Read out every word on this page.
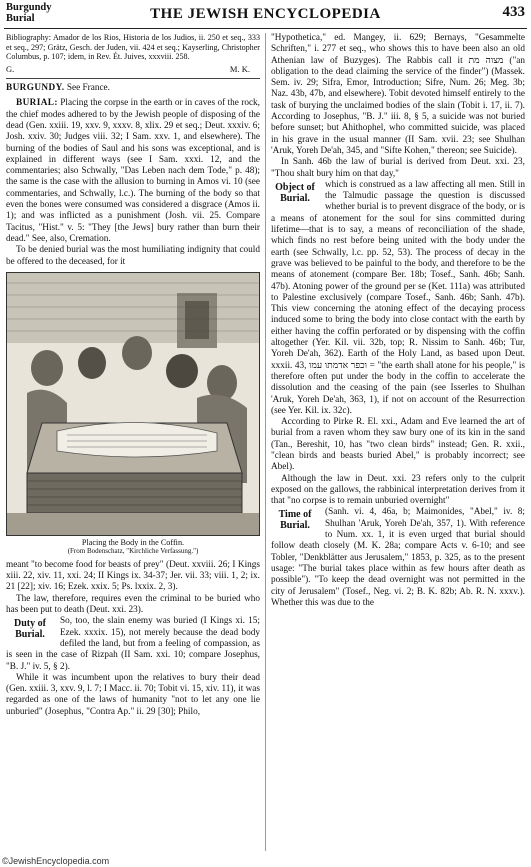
Burgundy
Burial	THE JEWISH ENCYCLOPEDIA	433

Bibliography: Amador de los Rios, Historia de los Judios, ii. 250 et seq., 333 et seq., 297; Grätz, Gesch. der Juden, vii. 424 et seq.; Kayserling, Christopher Columbus, p. 107; idem, in Rev. Ét. Juives, xxxviii. 258.

G.	M. K.

BURGUNDY. See France.

BURIAL: Placing the corpse in the earth or in caves of the rock, the chief modes adhered to by the Jewish people of disposing of the dead (Gen. xxiii. 19, xxv. 9, xxxv. 8, xlix. 29 et seq.; Deut. xxxiv. 6; Josh. xxiv. 30; Judges viii. 32; I Sam. xxv. 1, and elsewhere). The burning of the bodies of Saul and his sons was exceptional, and is explained in different ways (see I Sam. xxxi. 12, and the commentaries; also Schwally, "Das Leben nach dem Tode," p. 48); the same is the case with the allusion to burning in Amos vi. 10 (see commentaries, and Schwally, l.c.). The burning of the body so that even the bones were consumed was considered a disgrace (Amos ii. 1); and was inflicted as a punishment (Josh. vii. 25. Compare Tacitus, "Hist." v. 5: "They [the Jews] bury rather than burn their dead." See, also, Cremation.

To be denied burial was the most humiliating indignity that could be offered to the deceased, for it

Placing the Body in the Coffin.
(From Bodenschatz, "Kirchliche Verfassung.")

meant "to become food for beasts of prey" (Deut. xxviii. 26; I Kings xiii. 22, xiv. 11, xxi. 24; II Kings ix. 34-37; Jer. vii. 33; viii. 1, 2; ix. 21 [22]; xiv. 16; Ezek. xxix. 5; Ps. lxxix. 2, 3).

The law, therefore, requires even the criminal to be buried who has been put to death (Deut. xxi. 23).

Duty of Burial.

So, too, the slain enemy was buried (I Kings xi. 15; Ezek. xxxix. 15), not merely because the dead body defiled the land, but from a feeling of compassion, as is seen in the case of Rizpah (II Sam. xxi. 10; compare Josephus, "B. J." iv. 5, § 2).

While it was incumbent upon the relatives to bury their dead (Gen. xxiii. 3, xxv. 9, l. 7; I Macc. ii. 70; Tobit vi. 15, xiv. 11), it was regarded as one of the laws of humanity "not to let any one lie unburied" (Josephus, "Contra Ap." ii. 29 [30]; Philo,

"Hypothetica," ed. Mangey, ii. 629; Bernays, "Gesammelte Schriften," i. 277 et seq., who shows this to have been also an old Athenian law of Buzyges). The Rabbis call it מצוה מת ("an obligation to the dead claiming the service of the finder") (Massek. Sem. iv. 29; Sifra, Emor, Introduction; Sifre, Num. 26; Meg. 3b; Naz. 43b, 47b, and elsewhere). Tobit devoted himself entirely to the task of burying the unclaimed bodies of the slain (Tobit i. 17, ii. 7). According to Josephus, "B. J." iii. 8, § 5, a suicide was not buried before sunset; but Ahithophel, who committed suicide, was placed in his grave in the usual manner (II Sam. xvii. 23; see Shulhan 'Aruk, Yoreh De'ah, 345, and "Sifte Kohen," thereon; see Suicide).

In Sanh. 46b the law of burial is derived from Deut. xxi. 23, "Thou shalt bury him on that day,"

Object of Burial.

which is construed as a law affecting all men. Still in the Talmudic passage the question is discussed whether burial is to prevent disgrace of the body, or is a means of atonement for the soul for sins committed during lifetime—that is to say, a means of reconciliation of the shade, which finds no rest before being united with the body under the earth (see Schwally, l.c. pp. 52, 53). The process of decay in the grave was believed to be painful to the body, and therefore to be the means of atonement (compare Ber. 18b; Tosef., Sanh. 46b; Sanh. 47b). Atoning power of the ground per se (Ket. 111a) was attributed to Palestine exclusively (compare Tosef., Sanh. 46b; Sanh. 47b). This view concerning the atoning effect of the decaying process induced some to bring the body into close contact with the earth by either having the coffin perforated or by dispensing with the coffin altogether (Yer. Kil. vii. 32b, top; R. Nissim to Sanh. 46b; Tur, Yoreh De'ah, 362). Earth of the Holy Land, as based upon Deut. xxxii. 43, וכפר אדמתו עמו = "the earth shall atone for his people," is therefore often put under the body in the coffin to accelerate the dissolution and the ceasing of the pain (see Isserles to Shulhan 'Aruk, Yoreh De'ah, 363, 1), if not on account of the Resurrection (see Yer. Kil. ix. 32c).

According to Pirke R. El. xxi., Adam and Eve learned the art of burial from a raven whom they saw bury one of its kin in the sand (Tan., Bereshit, 10, has "two clean birds" instead; Gen. R. xxii., "clean birds and beasts buried Abel," is probably incorrect; see Abel).

Although the law in Deut. xxi. 23 refers only to the culprit exposed on the gallows, the rabbinical interpretation derives from it that "no corpse is to remain unburied overnight"

Time of Burial.

(Sanh. vi. 4, 46a, b; Maimonides, "Abel," iv. 8; Shulhan 'Aruk, Yoreh De'ah, 357, 1). With reference to Num. xx. 1, it is even urged that burial should follow death closely (M. K. 28a; compare Acts v. 6-10; and see Tobler, "Denkblätter aus Jerusalem," 1853, p. 325, as to the present usage: "The burial takes place within as few hours after death as possible"). "To keep the dead overnight was not permitted in the city of Jerusalem" (Tosef., Neg. vi. 2; B. K. 82b; Ab. R. N. xxxv.). Whether this was due to the

©JewishEncyclopedia.com
